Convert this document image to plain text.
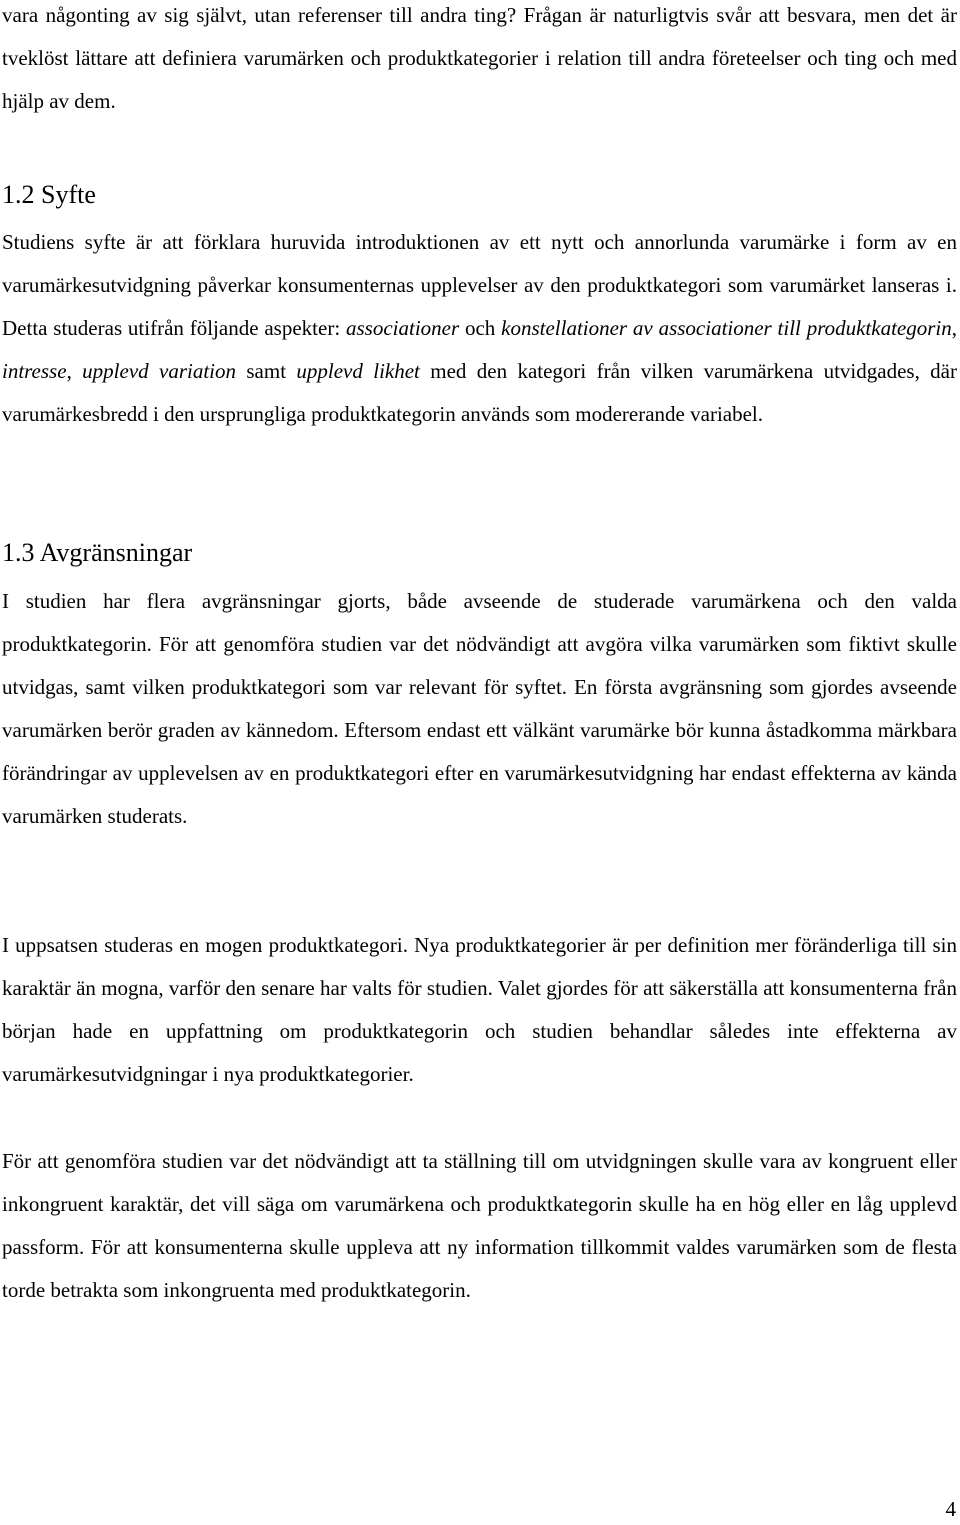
vara någonting av sig självt, utan referenser till andra ting? Frågan är naturligtvis svår att besvara, men det är tveklöst lättare att definiera varumärken och produktkategorier i relation till andra företeelser och ting och med hjälp av dem.

1.2 Syfte

Studiens syfte är att förklara huruvida introduktionen av ett nytt och annorlunda varumärke i form av en varumärkesutvidgning påverkar konsumenternas upplevelser av den produktkategori som varumärket lanseras i. Detta studeras utifrån följande aspekter: associationer och konstellationer av associationer till produktkategorin, intresse, upplevd variation samt upplevd likhet med den kategori från vilken varumärkena utvidgades, där varumärkesbredd i den ursprungliga produktkategorin används som modererande variabel.

1.3 Avgränsningar

I studien har flera avgränsningar gjorts, både avseende de studerade varumärkena och den valda produktkategorin. För att genomföra studien var det nödvändigt att avgöra vilka varumärken som fiktivt skulle utvidgas, samt vilken produktkategori som var relevant för syftet. En första avgränsning som gjordes avseende varumärken berör graden av kännedom. Eftersom endast ett välkänt varumärke bör kunna åstadkomma märkbara förändringar av upplevelsen av en produktkategori efter en varumärkesutvidgning har endast effekterna av kända varumärken studerats.

I uppsatsen studeras en mogen produktkategori. Nya produktkategorier är per definition mer föränderliga till sin karaktär än mogna, varför den senare har valts för studien. Valet gjordes för att säkerställa att konsumenterna från början hade en uppfattning om produktkategorin och studien behandlar således inte effekterna av varumärkesutvidgningar i nya produktkategorier.

För att genomföra studien var det nödvändigt att ta ställning till om utvidgningen skulle vara av kongruent eller inkongruent karaktär, det vill säga om varumärkena och produktkategorin skulle ha en hög eller en låg upplevd passform. För att konsumenterna skulle uppleva att ny information tillkommit valdes varumärken som de flesta torde betrakta som inkongruenta med produktkategorin.

4
